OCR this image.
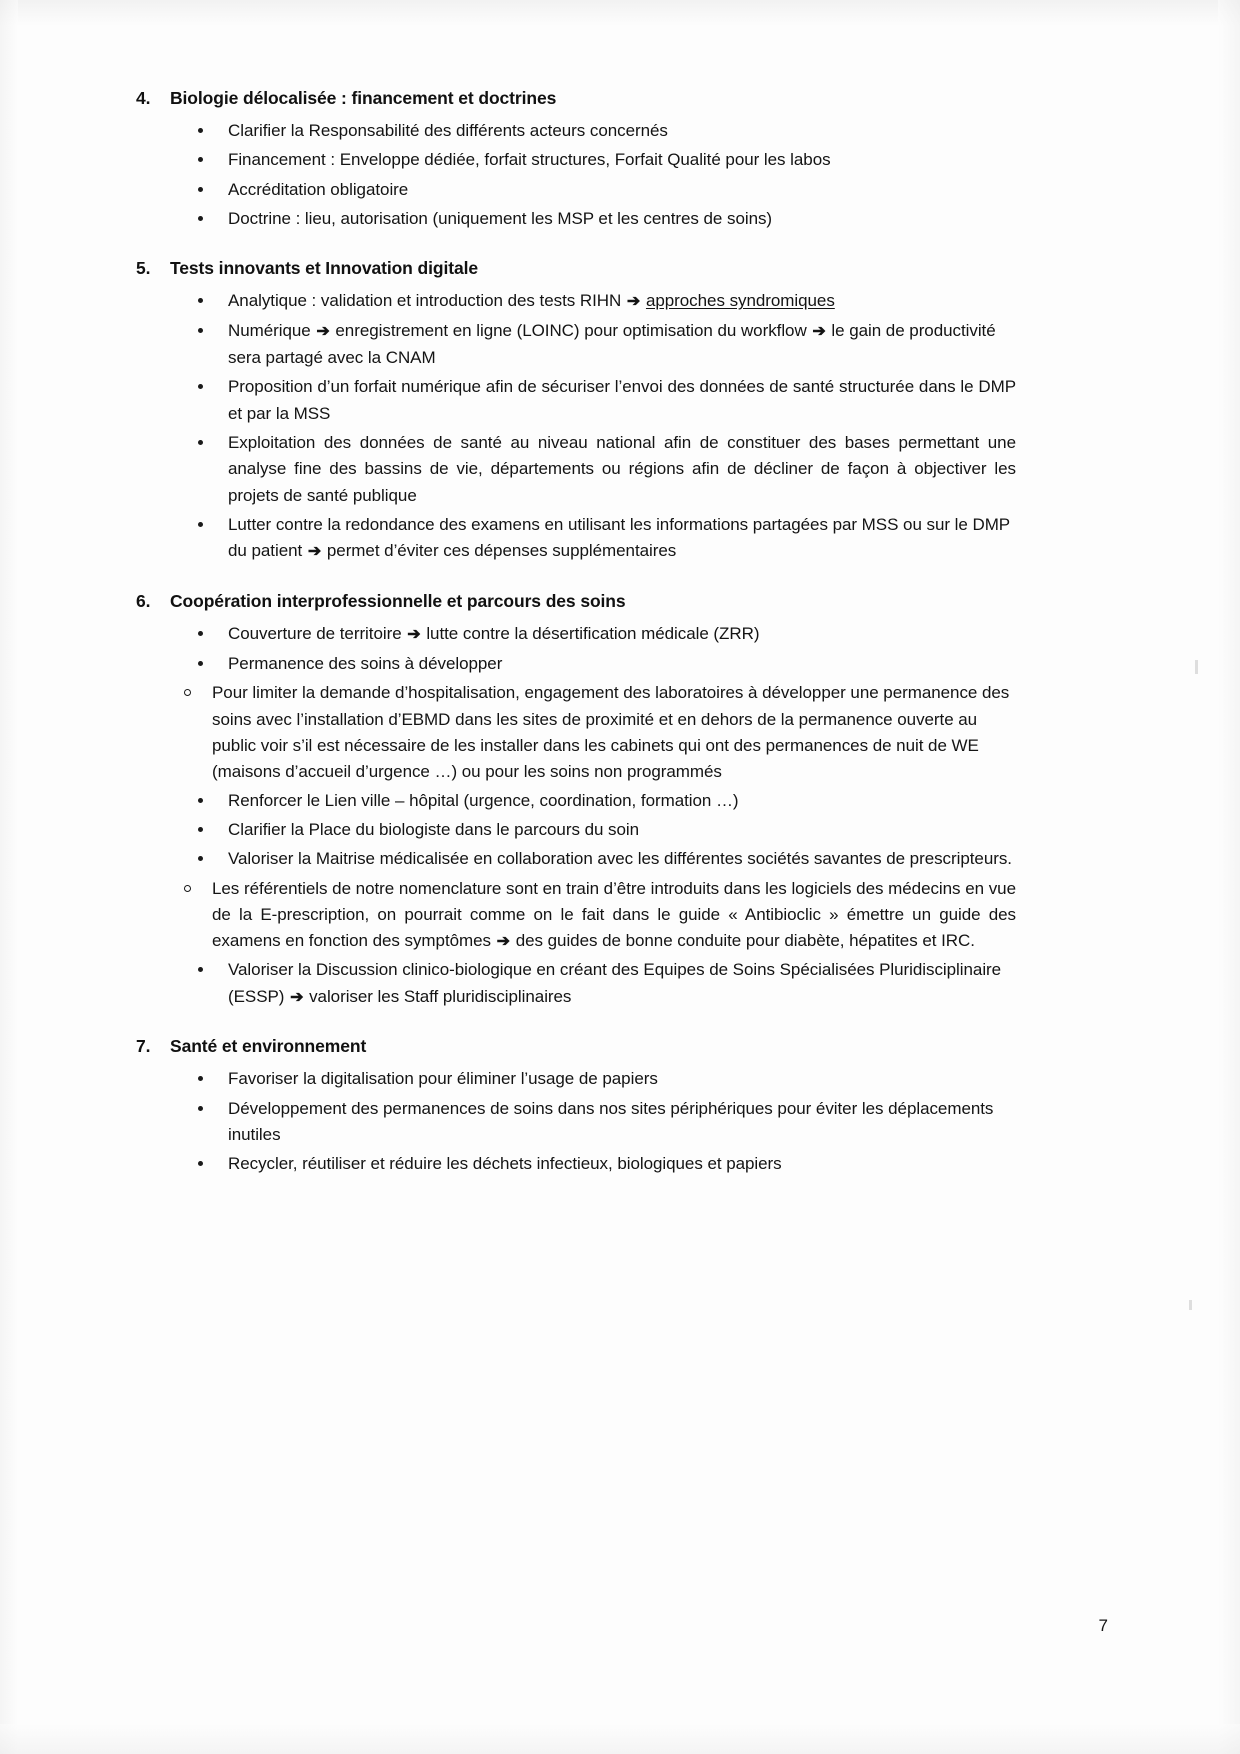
4.	Biologie délocalisée : financement et doctrines
Clarifier la Responsabilité des différents acteurs concernés
Financement : Enveloppe dédiée, forfait structures, Forfait Qualité pour les labos
Accréditation obligatoire
Doctrine : lieu, autorisation (uniquement les MSP et les centres de soins)
5.	Tests innovants et Innovation digitale
Analytique : validation et introduction des tests RIHN ➔ approches syndromiques
Numérique ➔ enregistrement en ligne (LOINC) pour optimisation du workflow ➔ le gain de productivité sera partagé avec la CNAM
Proposition d’un forfait numérique afin de sécuriser l’envoi des données de santé structurée dans le DMP et par la MSS
Exploitation des données de santé au niveau national afin de constituer des bases permettant une analyse fine des bassins de vie, départements ou régions afin de décliner de façon à objectiver les projets de santé publique
Lutter contre la redondance des examens en utilisant les informations partagées par MSS ou sur le DMP du patient ➔ permet d’éviter ces dépenses supplémentaires
6.	Coopération interprofessionnelle et parcours des soins
Couverture de territoire ➔ lutte contre la désertification médicale (ZRR)
Permanence des soins à développer
Pour limiter la demande d’hospitalisation, engagement des laboratoires à développer une permanence des soins avec l’installation d’EBMD dans les sites de proximité et en dehors de la permanence ouverte au public voir s’il est nécessaire de les installer dans les cabinets qui ont des permanences de nuit de WE (maisons d’accueil d’urgence …) ou pour les soins non programmés
Renforcer le Lien ville – hôpital (urgence, coordination, formation …)
Clarifier la Place du biologiste dans le parcours du soin
Valoriser la Maitrise médicalisée en collaboration avec les différentes sociétés savantes de prescripteurs.
Les référentiels de notre nomenclature sont en train d’être introduits dans les logiciels des médecins en vue de la E-prescription, on pourrait comme on le fait dans le guide « Antibioclic » émettre un guide des examens en fonction des symptômes ➔ des guides de bonne conduite pour diabète, hépatites et IRC.
Valoriser la Discussion clinico-biologique en créant des Equipes de Soins Spécialisées Pluridisciplinaire (ESSP) ➔ valoriser les Staff pluridisciplinaires
7.	Santé et environnement
Favoriser la digitalisation pour éliminer l’usage de papiers
Développement des permanences de soins dans nos sites périphériques pour éviter les déplacements inutiles
Recycler, réutiliser et réduire les déchets infectieux, biologiques et papiers
7
